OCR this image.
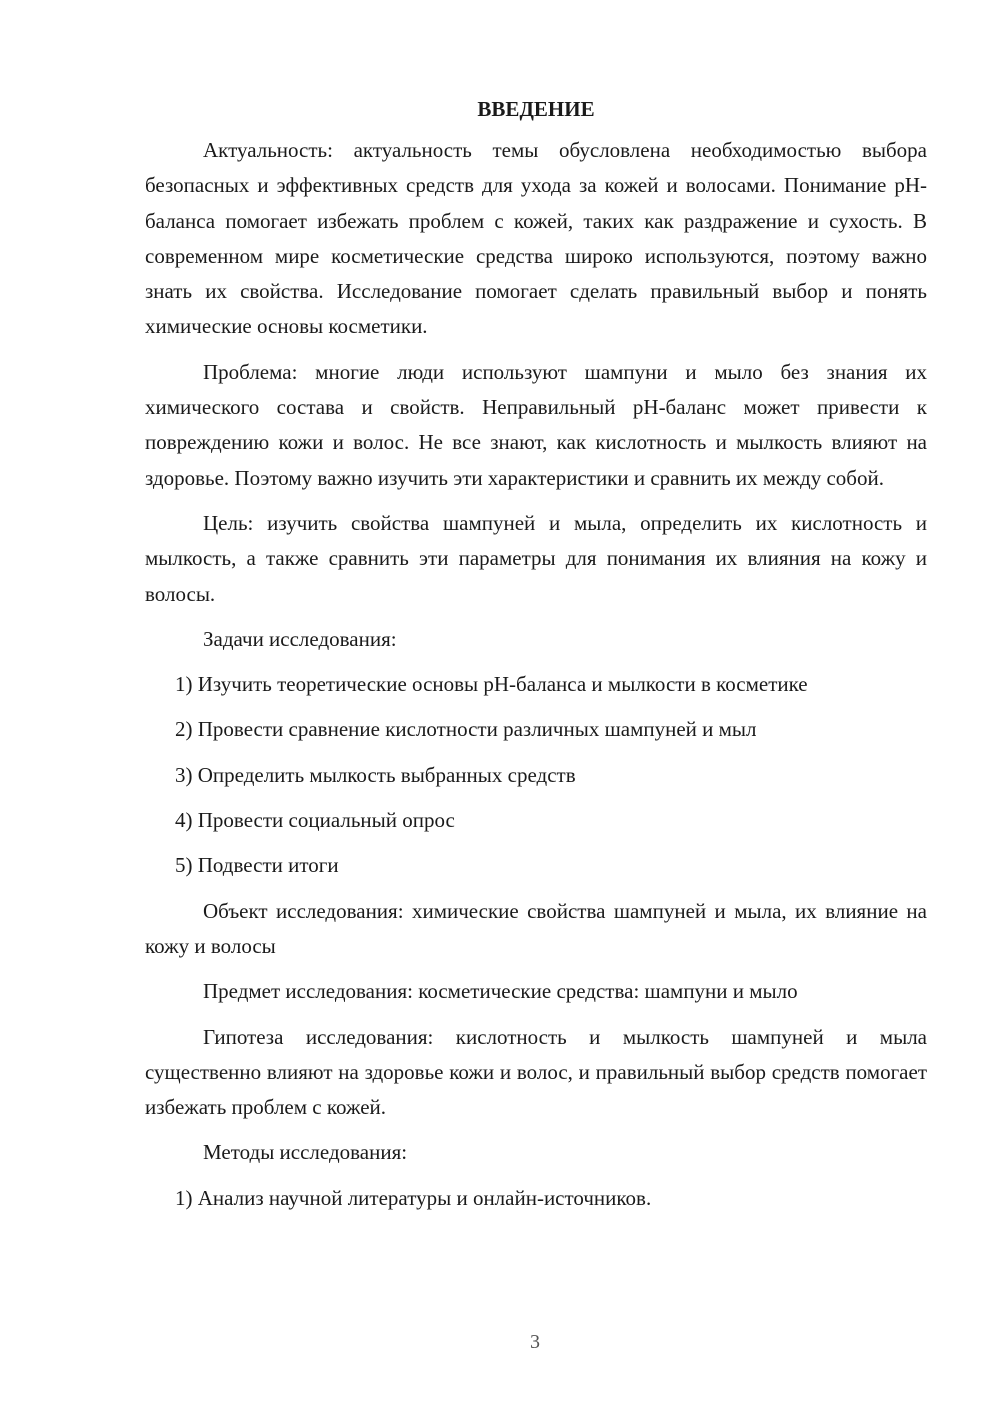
ВВЕДЕНИЕ

Актуальность: актуальность темы обусловлена необходимостью выбора безопасных и эффективных средств для ухода за кожей и волосами. Понимание pH-баланса помогает избежать проблем с кожей, таких как раздражение и сухость. В современном мире косметические средства широко используются, поэтому важно знать их свойства. Исследование помогает сделать правильный выбор и понять химические основы косметики.

Проблема: многие люди используют шампуни и мыло без знания их химического состава и свойств. Неправильный pH-баланс может привести к повреждению кожи и волос. Не все знают, как кислотность и мылкость влияют на здоровье. Поэтому важно изучить эти характеристики и сравнить их между собой.

Цель: изучить свойства шампуней и мыла, определить их кислотность и мылкость, а также сравнить эти параметры для понимания их влияния на кожу и волосы.

Задачи исследования:

1) Изучить теоретические основы pH-баланса и мылкости в косметике

2) Провести сравнение кислотности различных шампуней и мыл

3) Определить мылкость выбранных средств

4) Провести социальный опрос

5) Подвести итоги

Объект исследования: химические свойства шампуней и мыла, их влияние на кожу и волосы

Предмет исследования: косметические средства: шампуни и мыло

Гипотеза исследования: кислотность и мылкость шампуней и мыла существенно влияют на здоровье кожи и волос, и правильный выбор средств помогает избежать проблем с кожей.

Методы исследования:

1) Анализ научной литературы и онлайн-источников.

3
